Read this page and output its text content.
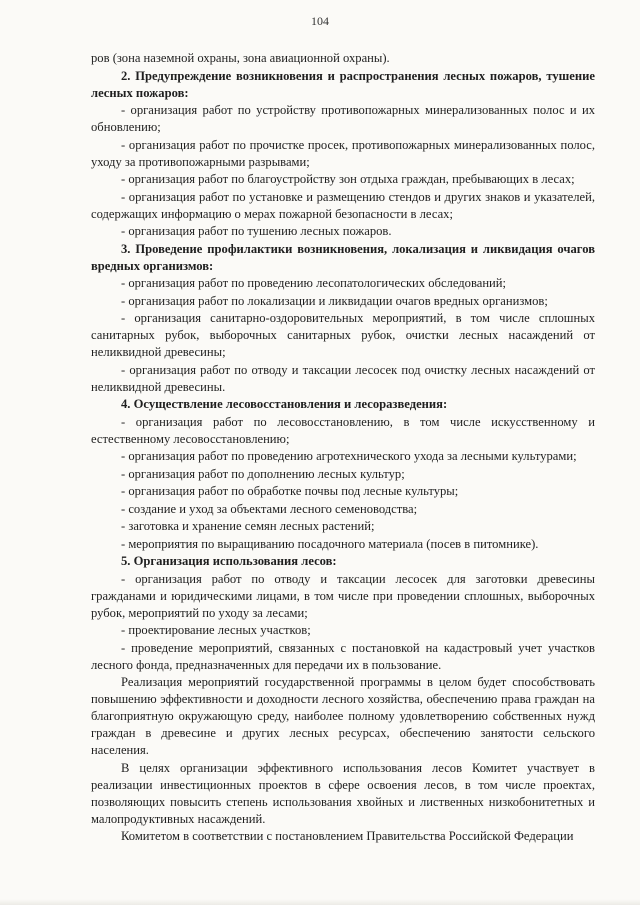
104

ров (зона наземной охраны, зона авиационной охраны).

2. Предупреждение возникновения и распространения лесных пожаров, тушение лесных пожаров:

- организация работ по устройству противопожарных минерализованных полос и их обновлению;

- организация работ по прочистке просек, противопожарных минерализованных полос, уходу за противопожарными разрывами;

- организация работ по благоустройству зон отдыха граждан, пребывающих в лесах;

- организация работ по установке и размещению стендов и других знаков и указателей, содержащих информацию о мерах пожарной безопасности в лесах;

- организация работ по тушению лесных пожаров.

3. Проведение профилактики возникновения, локализация и ликвидация очагов вредных организмов:

- организация работ по проведению лесопатологических обследований;

- организация работ по локализации и ликвидации очагов вредных организмов;

- организация санитарно-оздоровительных мероприятий, в том числе сплошных санитарных рубок, выборочных санитарных рубок, очистки лесных насаждений от неликвидной древесины;

- организация работ по отводу и таксации лесосек под очистку лесных насаждений от неликвидной древесины.

4. Осуществление лесовосстановления и лесоразведения:

- организация работ по лесовосстановлению, в том числе искусственному и естественному лесовосстановлению;

- организация работ по проведению агротехнического ухода за лесными культурами;

- организация работ по дополнению лесных культур;

- организация работ по обработке почвы под лесные культуры;

- создание и уход за объектами лесного семеноводства;

- заготовка и хранение семян лесных растений;

- мероприятия по выращиванию посадочного материала (посев в питомнике).

5. Организация использования лесов:

- организация работ по отводу и таксации лесосек для заготовки древесины гражданами и юридическими лицами, в том числе при проведении сплошных, выборочных рубок, мероприятий по уходу за лесами;

- проектирование лесных участков;

- проведение мероприятий, связанных с постановкой на кадастровый учет участков лесного фонда, предназначенных для передачи их в пользование.

Реализация мероприятий государственной программы в целом будет способствовать повышению эффективности и доходности лесного хозяйства, обеспечению права граждан на благоприятную окружающую среду, наиболее полному удовлетворению собственных нужд граждан в древесине и других лесных ресурсах, обеспечению занятости сельского населения.

В целях организации эффективного использования лесов Комитет участвует в реализации инвестиционных проектов в сфере освоения лесов, в том числе проектах, позволяющих повысить степень использования хвойных и лиственных низкобонитетных и малопродуктивных насаждений.

Комитетом в соответствии с постановлением Правительства Российской Федерации
